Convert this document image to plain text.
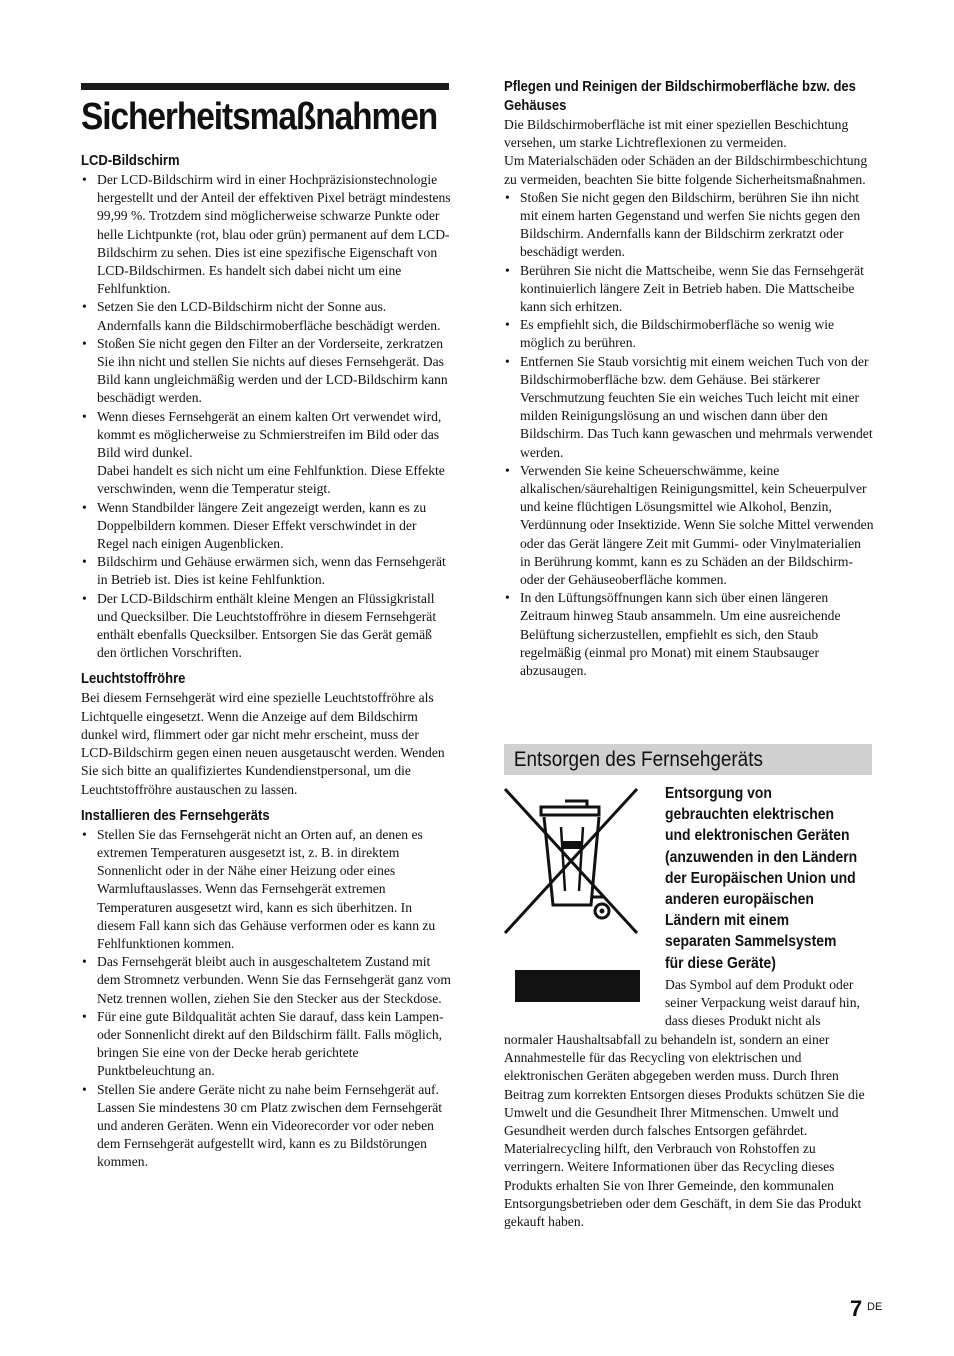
Sicherheitsmaßnahmen
LCD-Bildschirm
• Der LCD-Bildschirm wird in einer Hochpräzisionstechnologie hergestellt und der Anteil der effektiven Pixel beträgt mindestens 99,99 %. Trotzdem sind möglicherweise schwarze Punkte oder helle Lichtpunkte (rot, blau oder grün) permanent auf dem LCD-Bildschirm zu sehen. Dies ist eine spezifische Eigenschaft von LCD-Bildschirmen. Es handelt sich dabei nicht um eine Fehlfunktion.
• Setzen Sie den LCD-Bildschirm nicht der Sonne aus. Andernfalls kann die Bildschirmoberfläche beschädigt werden.
• Stoßen Sie nicht gegen den Filter an der Vorderseite, zerkratzen Sie ihn nicht und stellen Sie nichts auf dieses Fernsehgerät. Das Bild kann ungleichmäßig werden und der LCD-Bildschirm kann beschädigt werden.
• Wenn dieses Fernsehgerät an einem kalten Ort verwendet wird, kommt es möglicherweise zu Schmierstreifen im Bild oder das Bild wird dunkel.
Dabei handelt es sich nicht um eine Fehlfunktion. Diese Effekte verschwinden, wenn die Temperatur steigt.
• Wenn Standbilder längere Zeit angezeigt werden, kann es zu Doppelbildern kommen. Dieser Effekt verschwindet in der Regel nach einigen Augenblicken.
• Bildschirm und Gehäuse erwärmen sich, wenn das Fernsehgerät in Betrieb ist. Dies ist keine Fehlfunktion.
• Der LCD-Bildschirm enthält kleine Mengen an Flüssigkristall und Quecksilber. Die Leuchtstoffröhre in diesem Fernsehgerät enthält ebenfalls Quecksilber. Entsorgen Sie das Gerät gemäß den örtlichen Vorschriften.
Leuchtstoffröhre

Bei diesem Fernsehgerät wird eine spezielle Leuchtstoffröhre als Lichtquelle eingesetzt. Wenn die Anzeige auf dem Bildschirm dunkel wird, flimmert oder gar nicht mehr erscheint, muss der LCD-Bildschirm gegen einen neuen ausgetauscht werden. Wenden Sie sich bitte an qualifiziertes Kundendienstpersonal, um die Leuchtstoffröhre austauschen zu lassen.

Installieren des Fernsehgeräts
• Stellen Sie das Fernsehgerät nicht an Orten auf, an denen es extremen Temperaturen ausgesetzt ist, z. B. in direktem Sonnenlicht oder in der Nähe einer Heizung oder eines Warmluftauslasses. Wenn das Fernsehgerät extremen Temperaturen ausgesetzt wird, kann es sich überhitzen. In diesem Fall kann sich das Gehäuse verformen oder es kann zu Fehlfunktionen kommen.
• Das Fernsehgerät bleibt auch in ausgeschaltetem Zustand mit dem Stromnetz verbunden. Wenn Sie das Fernsehgerät ganz vom Netz trennen wollen, ziehen Sie den Stecker aus der Steckdose.
• Für eine gute Bildqualität achten Sie darauf, dass kein Lampen- oder Sonnenlicht direkt auf den Bildschirm fällt. Falls möglich, bringen Sie eine von der Decke herab gerichtete Punktbeleuchtung an.
• Stellen Sie andere Geräte nicht zu nahe beim Fernsehgerät auf. Lassen Sie mindestens 30 cm Platz zwischen dem Fernsehgerät und anderen Geräten. Wenn ein Videorecorder vor oder neben dem Fernsehgerät aufgestellt wird, kann es zu Bildstörungen kommen.
Pflegen und Reinigen der Bildschirmoberfläche bzw. des Gehäuses

Die Bildschirmoberfläche ist mit einer speziellen Beschichtung versehen, um starke Lichtreflexionen zu vermeiden.

Um Materialschäden oder Schäden an der Bildschirmbeschichtung zu vermeiden, beachten Sie bitte folgende Sicherheitsmaßnahmen.

• Stoßen Sie nicht gegen den Bildschirm, berühren Sie ihn nicht mit einem harten Gegenstand und werfen Sie nichts gegen den Bildschirm. Andernfalls kann der Bildschirm zerkratzt oder beschädigt werden.
• Berühren Sie nicht die Mattscheibe, wenn Sie das Fernsehgerät kontinuierlich längere Zeit in Betrieb haben. Die Mattscheibe kann sich erhitzen.
• Es empfiehlt sich, die Bildschirmoberfläche so wenig wie möglich zu berühren.
• Entfernen Sie Staub vorsichtig mit einem weichen Tuch von der Bildschirmoberfläche bzw. dem Gehäuse. Bei stärkerer Verschmutzung feuchten Sie ein weiches Tuch leicht mit einer milden Reinigungslösung an und wischen dann über den Bildschirm. Das Tuch kann gewaschen und mehrmals verwendet werden.
• Verwenden Sie keine Scheuerschwämme, keine alkalischen/säurehaltigen Reinigungsmittel, kein Scheuerpulver und keine flüchtigen Lösungsmittel wie Alkohol, Benzin, Verdünnung oder Insektizide. Wenn Sie solche Mittel verwenden oder das Gerät längere Zeit mit Gummi- oder Vinylmaterialien in Berührung kommt, kann es zu Schäden an der Bildschirm- oder der Gehäuseoberfläche kommen.
• In den Lüftungsöffnungen kann sich über einen längeren Zeitraum hinweg Staub ansammeln. Um eine ausreichende Belüftung sicherzustellen, empfiehlt es sich, den Staub regelmäßig (einmal pro Monat) mit einem Staubsauger abzusaugen.
Entsorgen des Fernsehgeräts
Entsorgung von gebrauchten elektrischen und elektronischen Geräten (anzuwenden in den Ländern der Europäischen Union und anderen europäischen Ländern mit einem separaten Sammelsystem für diese Geräte)

Das Symbol auf dem Produkt oder seiner Verpackung weist darauf hin, dass dieses Produkt nicht als

normaler Haushaltsabfall zu behandeln ist, sondern an einer Annahmestelle für das Recycling von elektrischen und elektronischen Geräten abgegeben werden muss. Durch Ihren Beitrag zum korrekten Entsorgen dieses Produkts schützen Sie die Umwelt und die Gesundheit Ihrer Mitmenschen. Umwelt und Gesundheit werden durch falsches Entsorgen gefährdet. Materialrecycling hilft, den Verbrauch von Rohstoffen zu verringern. Weitere Informationen über das Recycling dieses Produkts erhalten Sie von Ihrer Gemeinde, den kommunalen Entsorgungsbetrieben oder dem Geschäft, in dem Sie das Produkt gekauft haben.

7 DE
